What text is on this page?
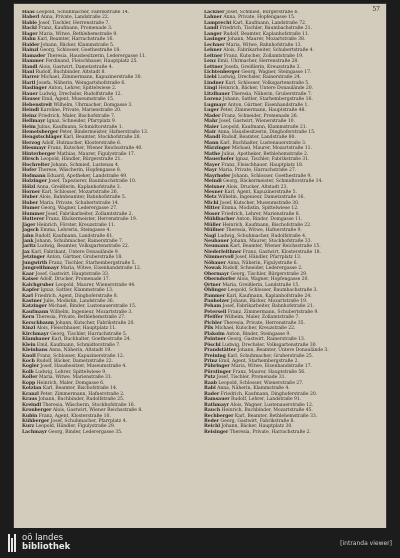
57

Haas Leopold, Schuhmacher, Fabrikstraße 14.

Haberl Anna, Private, Landstraße 22.

Hable Josef, Tischler, Herrenstraße 7.

Hackl Franz, Kaufmann, Promenade 3.

Hager Maria, Witwe, Bethlehemstraße 9.

Hahn Karl, Beamter, Harrachstraße 16.

Haider Johann, Bäcker, Klammstraße 5.

Hainzl Georg, Schlosser, Goethestraße 18.

Hamader Theresia, Hausbesitzerin, Lederergasse 11.

Hammer Ferdinand, Fleischhauer, Hauptplatz 25.

Handl Alois, Gastwirt, Dametzstraße 4.

Hanl Rudolf, Buchbinder, Altstadt 8.

Harrer Michael, Zimmermann, Kapuzinerstraße 30.

Hartl Josefa, Näherin, Weingartshofstraße 6.

Haslinger Anton, Lehrer, Spittelwiese 2.

Hauer Ludwig, Drechsler, Rudolfstraße 12.

Hauser Emil, Agent, Museumstraße 15.

Hebenstreit Wilhelm, Uhrmacher, Domgasse 3.

Heindl Karoline, Private, Marienstraße 20.

Heinz Friedrich, Maler, Bischofstraße 7.

Hellmayr Ignaz, Schneider, Pfarrplatz 9.

Helm Julius, Kaufmann, Schmidtorstraße 1.

Hemetsberger Peter, Bindermeister, Hafnerstraße 13.

Hengstschläger Karl, Beamter, Stockhofstraße 28.

Herzog Adolf, Hutmacher, Klosterstraße 6.

Hiesmayr Franz, Kutscher, Wiener Reichsstraße 40.

Hinterberger Mathias, Maurer, Figulystraße 17.

Hirsch Leopold, Händler, Bürgerstraße 21.

Hochreiter Johann, Schmied, Lustenau 4.

Hofer Therese, Wäscherin, Hopfengasse 8.

Hofmann Eduard, Apotheker, Landstraße 49.

Holzinger Josef, Tapezierer, Baumbachstraße 10.

Hölzl Anna, Greißlerin, Kaplanhofstraße 3.

Horner Karl, Schlosser, Mozartstraße 26.

Huber Alois, Bahnbeamter, Bahnhofstraße 5.

Huber Maria, Private, Schubertstraße 14.

Humer Georg, Wagner, Lederergasse 27.

Hummer Josef, Fabrikarbeiter, Zollamtstraße 2.

Hutterer Franz, Bäckermeister, Herrenstraße 19.

Jäger Heinrich, Förster, Kreuzstraße 11.

Jagsch Emma, Lehrerin, Steingasse 4.

Jahn Rudolf, Kaufmann, Landstraße 61.

Jank Johann, Schuhmacher, Rainerstraße 7.

Jaritz Ludwig, Beamter, Volksgartenstraße 22.

Jax Karl, Fabrikant, Untere Donaulände 9.

Jetzinger Anton, Gärtner, Gruberstraße 18.

Jungwirth Franz, Tischler, Starhembergstraße 5.

Jungreithmayr Maria, Witwe, Eisenhandstraße 12.

Kaar Josef, Gastwirt, Hauptstraße 33.

Kaiser Adolf, Drucker, Promenade 17.

Kalchgruber Leopold, Maurer, Wienerstraße 44.

Kapfer Ignaz, Sattler, Klammstraße 13.

Karl Friedrich, Agent, Dinghoferstraße 8.

Kastner Julie, Modistin, Landstraße 36.

Katzinger Michael, Binder, Lustenauerstraße 15.

Kaufmann Wilhelm, Ingenieur, Mozartstraße 3.

Kern Theresia, Private, Bethlehemstraße 27.

Kerschbaum Johann, Kutscher, Fabrikstraße 20.

Kinzl Alois, Fleischhauer, Hauptplatz 11.

Kirchmayr Georg, Tischler, Harrachstraße 5.

Klambauer Karl, Buchhalter, Goethestraße 24.

Klein Emil, Kaufmann, Schmidtorstraße 7.

Kleinhans Anna, Näherin, Altstadt 19.

Knoll Franz, Schlosser, Kapuzinerstraße 12.

Koch Rudolf, Bäcker, Dametzstraße 22.

Kogler Josef, Hausbesitzer, Museumstraße 4.

Kolb Ludwig, Lehrer, Spittelwiese 9.

Koller Maria, Witwe, Marienstraße 31.

Kopp Heinrich, Maler, Domgasse 6.

Kotzian Karl, Beamter, Bischofstraße 14.

Kranzl Peter, Zimmermann, Hafnerstraße 2.

Kraus Johann, Buchbinder, Rudolfstraße 25.

Kreindl Theresia, Wäscherin, Stockhofstraße 16.

Kronberger Alois, Gastwirt, Wiener Reichsstraße 8.

Kubin Franz, Agent, Klosterstraße 10.

Kühberger Josef, Schuhmacher, Pfarrplatz 4.

Kurz Leopold, Händler, Figulystraße 29.

Lachmayr Georg, Binder, Lederergasse 35.

Lackner Josef, Schmied, Bürgerstraße 6.

Lahner Anna, Private, Hopfengasse 15.

Lamprecht Karl, Kaufmann, Landstraße 72.

Landl Friedrich, Tischler, Baumbachstraße 21.

Langer Rudolf, Beamter, Kaplanhofstraße 11.

Lasinger Johann, Maurer, Mozartstraße 38.

Lechner Maria, Witwe, Bahnhofstraße 13.

Lehner Alois, Fabrikarbeiter, Schubertstraße 4.

Leitner Franz, Kutscher, Zollamtstraße 19.

Lenz Emil, Uhrmacher, Herrenstraße 28.

Lettner Josefa, Greißlerin, Kreuzstraße 3.

Lichtenberger Georg, Wagner, Steingasse 17.

Liebl Ludwig, Drechsler, Rainerstraße 24.

Lindner Karl, Schlosser, Volksgartenstraße 5.

Lingl Heinrich, Bäcker, Untere Donaulände 20.

Litzlbauer Theresia, Näherin, Gruberstraße 7.

Lorenz Johann, Sattler, Starhembergstraße 16.

Lugmayr Anton, Gärtner, Eisenhandstraße 1.

Luger Peter, Zimmermann, Hauptstraße 48.

Mader Franz, Schneider, Promenade 26.

Mahr Josef, Gastwirt, Wienerstraße 10.

Maier Leopold, Kaufmann, Klammstraße 21.

Mair Anna, Hausbesitzerin, Dinghoferstraße 15.

Mandl Rudolf, Beamter, Landstraße 80.

Mann Karl, Buchhalter, Lustenauerstraße 3.

Märzinger Michael, Maurer, Mozartstraße 11.

Mathe Julius, Apotheker, Bethlehemstraße 2.

Mauerhofer Ignaz, Tischler, Fabrikstraße 31.

Mayer Franz, Fleischhauer, Hauptplatz 18.

Mayr Maria, Private, Harrachstraße 27.

Mayrhofer Johann, Schlosser, Goethestraße 9.

Meindl Georg, Bäckermeister, Schmidtorstraße 14.

Meixner Alois, Drucker, Altstadt 23.

Mesner Karl, Agent, Kapuzinerstraße 5.

Metz Wilhelm, Ingenieur, Dametzstraße 16.

Michl Josef, Kutscher, Museumstraße 30.

Mitter Emma, Modistin, Spittelwiese 12.

Moser Friedrich, Lehrer, Marienstraße 8.

Mühlbacher Anton, Binder, Domgasse 11.

Müller Heinrich, Kaufmann, Bischofstraße 22.

Müllner Theresia, Witwe, Hafnerstraße 9.

Nagl Ludwig, Schuhmacher, Rudolfstraße 4.

Neubauer Johann, Maurer, Stockhofstraße 33.

Neumann Karl, Beamter, Wiener Reichsstraße 15.

Niederleithner Franz, Gastwirt, Klosterstraße 18.

Nimmervoll Josef, Händler, Pfarrplatz 13.

Nöbauer Anna, Näherin, Figulystraße 6.

Nowak Rudolf, Schneider, Lederergasse 2.

Obermayr Georg, Tischler, Bürgerstraße 29.

Oberndorfer Alois, Wagner, Hopfengasse 20.

Ortner Maria, Greißlerin, Landstraße 15.

Öhlinger Leopold, Schlosser, Baumbachstraße 3.

Pammer Karl, Kaufmann, Kaplanhofstraße 24.

Panholzer Johann, Bäcker, Mozartstraße 19.

Peham Josef, Fabrikarbeiter, Bahnhofstraße 21.

Peterseil Franz, Zimmermann, Schubertstraße 9.

Pfeiffer Wilhelm, Maler, Zollamtstraße 7.

Pichler Theresia, Private, Herrenstraße 35.

Pils Michael, Kutscher, Kreuzstraße 22.

Plakolm Anton, Binder, Steingasse 9.

Pointner Georg, Gastwirt, Rainerstraße 13.

Pöschl Ludwig, Drechsler, Volksgartenstraße 30.

Prandstätter Johann, Beamter, Untere Donaulände 3.

Preining Karl, Schuhmacher, Gruberstraße 25.

Prinz Emil, Agent, Starhembergstraße 2.

Pühringer Maria, Witwe, Eisenhandstraße 17.

Pürstinger Franz, Maurer, Hauptstraße 56.

Putz Josef, Tischler, Promenade 31.

Raab Leopold, Schlosser, Wienerstraße 27.

Rabl Anna, Näherin, Klammstraße 4.

Rader Friedrich, Kaufmann, Dinghoferstraße 20.

Ramsauer Rudolf, Lehrer, Landstraße 91.

Rathmayr Alois, Wagner, Lustenauerstraße 12.

Rauch Heinrich, Buchbinder, Mozartstraße 45.

Rechberger Karl, Beamter, Bethlehemstraße 33.

Reder Georg, Gastwirt, Fabrikstraße 8.

Reichl Johann, Bäcker, Hauptplatz 30.

Reisinger Theresia, Private, Harrachstraße 2.

oö landes
bibliothek	[intranda viewer]
